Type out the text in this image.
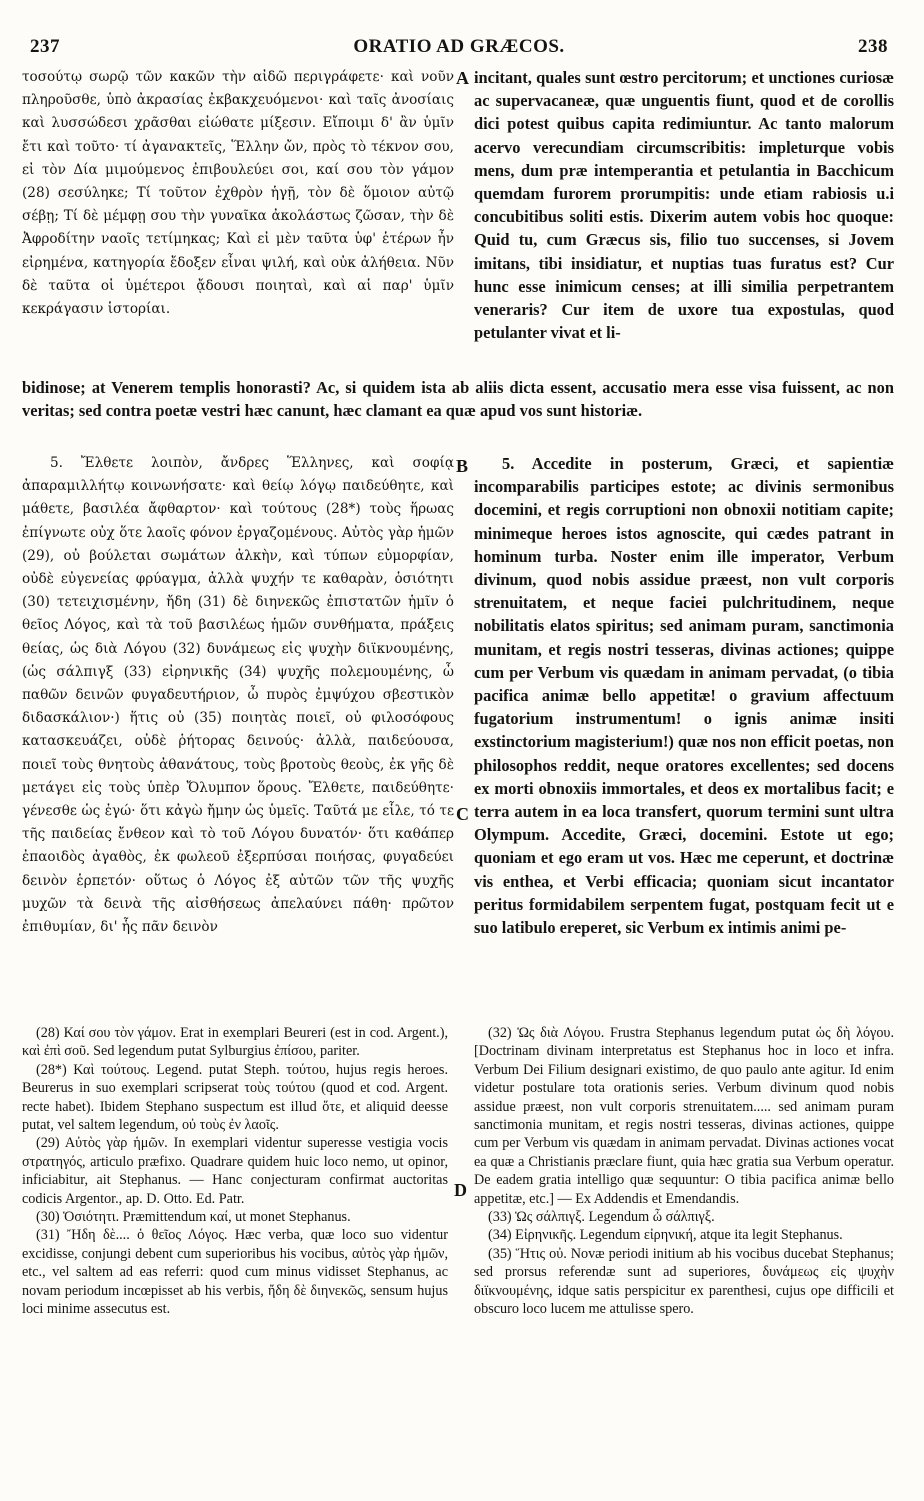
237	ORATIO AD GRÆCOS.	238

τοσούτῳ σωρῷ τῶν κακῶν τὴν αἰδῶ περιγράφετε· καὶ νοῦν πληροῦσθε, ὑπὸ ἀκρασίας ἐκβακχευόμενοι· καὶ ταῖς ἀνοσίαις καὶ λυσσώδεσι χρᾶσθαι εἰώθατε μίξεσιν. Εἴποιμι δ' ἂν ὑμῖν ἔτι καὶ τοῦτο· τί ἀγανακτεῖς, Ἕλλην ὤν, πρὸς τὸ τέκνον σου, εἰ τὸν Δία μιμούμενος ἐπιβουλεύει σοι, καί σου τὸν γάμον (28) σεσύληκε; Τί τοῦτον ἐχθρὸν ἡγῇ, τὸν δὲ ὅμοιον αὐτῷ σέβῃ; Τί δὲ μέμφῃ σου τὴν γυναῖκα ἀκολάστως ζῶσαν, τὴν δὲ Ἀφροδίτην ναοῖς τετίμηκας; Καὶ εἰ μὲν ταῦτα ὑφ' ἑτέρων ἦν εἰρημένα, κατηγορία ἔδοξεν εἶναι ψιλή, καὶ οὐκ ἀλήθεια. Νῦν δὲ ταῦτα οἱ ὑμέτεροι ᾄδουσι ποιηταὶ, καὶ αἱ παρ' ὑμῖν κεκράγασιν ἱστορίαι.

A incitant, quales sunt œstro percitorum; et unctiones curiosæ ac supervacaneæ, quæ unguentis fiunt, quod et de corollis dici potest quibus capita redimiuntur. Ac tanto malorum acervo verecundiam circumscribitis: impleturque vobis mens, dum præ intemperantia et petulantia in Bacchicum quemdam furorem prorumpitis: unde etiam rabiosis u.i concubitibus soliti estis. Dixerim autem vobis hoc quoque: Quid tu, cum Græcus sis, filio tuo succenses, si Jovem imitans, tibi insidiatur, et nuptias tuas furatus est? Cur hunc esse inimicum censes; at illi similia perpetrantem veneraris? Cur item de uxore tua expostulas, quod petulanter vivat et li-

bidinose; at Venerem templis honorasti? Ac, si quidem ista ab aliis dicta essent, accusatio mera esse visa fuissent, ac non veritas; sed contra poetæ vestri hæc canunt, hæc clamant ea quæ apud vos sunt historiæ.

5. Ἔλθετε λοιπὸν, ἄνδρες Ἕλληνες, καὶ σοφίᾳ ἀπαραμιλλήτῳ κοινωνήσατε· καὶ θείῳ λόγῳ παιδεύθητε, καὶ μάθετε, βασιλέα ἄφθαρτον· καὶ τούτους (28*) τοὺς ἥρωας ἐπίγνωτε οὐχ ὅτε λαοῖς φόνον ἐργαζομένους. Αὐτὸς γὰρ ἡμῶν (29), οὐ βούλεται σωμάτων ἀλκὴν, καὶ τύπων εὐμορφίαν, οὐδὲ εὐγενείας φρύαγμα, ἀλλὰ ψυχήν τε καθαρὰν, ὁσιότητι (30) τετειχισμένην, ἤδη (31) δὲ διηνεκῶς ἐπιστατῶν ἡμῖν ὁ θεῖος Λόγος, καὶ τὰ τοῦ βασιλέως ἡμῶν συνθήματα, πράξεις θείας, ὡς διὰ Λόγου (32) δυνάμεως εἰς ψυχὴν διϊκνουμένης, (ὡς σάλπιγξ (33) εἰρηνικῆς (34) ψυχῆς πολεμουμένης, ὦ παθῶν δεινῶν φυγαδευτήριον, ὦ πυρὸς ἐμψύχου σβεστικὸν διδασκάλιον·) ἥτις οὐ (35) ποιητὰς ποιεῖ, οὐ φιλοσόφους κατασκευάζει, οὐδὲ ῥήτορας δεινούς· ἀλλὰ, παιδεύουσα, ποιεῖ τοὺς θνητοὺς ἀθανάτους, τοὺς βροτοὺς θεοὺς, ἐκ γῆς δὲ μετάγει εἰς τοὺς ὑπὲρ Ὄλυμπον ὅρους. Ἔλθετε, παιδεύθητε· γένεσθε ὡς ἐγώ· ὅτι κἀγὼ ἤμην ὡς ὑμεῖς. Ταῦτά με εἷλε, τό τε τῆς παιδείας ἔνθεον καὶ τὸ τοῦ Λόγου δυνατόν· ὅτι καθάπερ ἐπαοιδὸς ἀγαθὸς, ἐκ φωλεοῦ ἐξερπύσαι ποιήσας, φυγαδεύει δεινὸν ἑρπετόν· οὕτως ὁ Λόγος ἐξ αὐτῶν τῶν τῆς ψυχῆς μυχῶν τὰ δεινὰ τῆς αἰσθήσεως ἀπελαύνει πάθη· πρῶτον ἐπιθυμίαν, δι' ἧς πᾶν δεινὸν

B
C

5. Accedite in posterum, Græci, et sapientiæ incomparabilis participes estote; ac divinis sermonibus docemini, et regis corruptioni non obnoxii notitiam capite; minimeque heroes istos agnoscite, qui cædes patrant in hominum turba. Noster enim ille imperator, Verbum divinum, quod nobis assidue præest, non vult corporis strenuitatem, et neque faciei pulchritudinem, neque nobilitatis elatos spiritus; sed animam puram, sanctimonia munitam, et regis nostri tesseras, divinas actiones; quippe cum per Verbum vis quædam in animam pervadat, (o tibia pacifica animæ bello appetitæ! o gravium affectuum fugatorium instrumentum! o ignis animæ insiti exstinctorium magisterium!) quæ nos non efficit poetas, non philosophos reddit, neque oratores excellentes; sed docens ex morti obnoxiis immortales, et deos ex mortalibus facit; e terra autem in ea loca transfert, quorum termini sunt ultra Olympum. Accedite, Græci, docemini. Estote ut ego; quoniam et ego eram ut vos. Hæc me ceperunt, et doctrinæ vis enthea, et Verbi efficacia; quoniam sicut incantator peritus formidabilem serpentem fugat, postquam fecit ut e suo latibulo ereperet, sic Verbum ex intimis animi pe-

(28) Καί σου τὸν γάμον. Erat in exemplari Beureri (est in cod. Argent.), καὶ ἐπὶ σοῦ. Sed legendum putat Sylburgius ἐπίσου, pariter.

(28*) Καὶ τούτους. Legend. putat Steph. τούτου, hujus regis heroes. Beurerus in suo exemplari scripserat τοὺς τούτου (quod et cod. Argent. recte habet). Ibidem Stephano suspectum est illud ὅτε, et aliquid deesse putat, vel saltem legendum, οὐ τοὺς ἐν λαοῖς.

(29) Αὐτὸς γὰρ ἡμῶν. In exemplari videntur superesse vestigia vocis στρατηγός, articulo præfixo. Quadrare quidem huic loco nemo, ut opinor, inficiabitur, ait Stephanus. — Hanc conjecturam confirmat auctoritas codicis Argentor., ap. D. Otto. Ed. Patr.

(30) Ὁσιότητι. Præmittendum καί, ut monet Stephanus.

(31) Ἤδη δὲ.... ὁ θεῖος Λόγος. Hæc verba, quæ loco suo videntur excidisse, conjungi debent cum superioribus his vocibus, αὐτὸς γὰρ ἡμῶν, etc., vel saltem ad eas referri: quod cum minus vidisset Stephanus, ac novam periodum incœpisset ab his verbis, ἤδη δὲ διηνεκῶς, sensum hujus loci minime assecutus est.

D

(32) Ὡς διὰ Λόγου. Frustra Stephanus legendum putat ὡς δὴ λόγου. [Doctrinam divinam interpretatus est Stephanus hoc in loco et infra. Verbum Dei Filium designari existimo, de quo paulo ante agitur. Id enim videtur postulare tota orationis series. Verbum divinum quod nobis assidue præest, non vult corporis strenuitatem..... sed animam puram sanctimonia munitam, et regis nostri tesseras, divinas actiones, quippe cum per Verbum vis quædam in animam pervadat. Divinas actiones vocat ea quæ a Christianis præclare fiunt, quia hæc gratia sua Verbum operatur. De eadem gratia intelligo quæ sequuntur: O tibia pacifica animæ bello appetitæ, etc.] — Ex Addendis et Emendandis.

(33) Ὡς σάλπιγξ. Legendum ὦ σάλπιγξ.

(34) Εἰρηνικῆς. Legendum εἰρηνική, atque ita legit Stephanus.

(35) Ἥτις οὐ. Novæ periodi initium ab his vocibus ducebat Stephanus; sed prorsus referendæ sunt ad superiores, δυνάμεως εἰς ψυχὴν διϊκνουμένης, idque satis perspicitur ex parenthesi, cujus ope difficili et obscuro loco lucem me attulisse spero.
